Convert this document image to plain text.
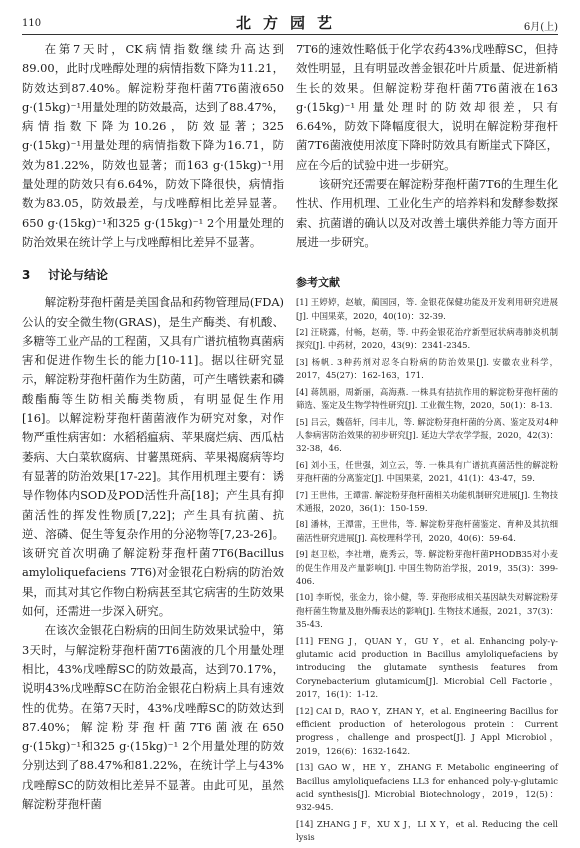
110	北方园艺	6月(上)

在第7天时，CK病情指数继续升高达到89.00，此时戊唑醇处理的病情指数下降为11.21，防效达到87.40%。解淀粉芽孢杆菌7T6菌液650 g·(15kg)⁻¹用量处理的防效最高，达到了88.47%，病情指数下降为10.26，防效显著；325 g·(15kg)⁻¹用量处理的病情指数下降为16.71，防效为81.22%，防效也显著；而163 g·(15kg)⁻¹用量处理的防效只有6.64%，防效下降很快，病情指数为83.05，防效最差，与戊唑醇相比差异显著。650 g·(15kg)⁻¹和325 g·(15kg)⁻¹ 2个用量处理的防治效果在统计学上与戊唑醇相比差异不显著。

3 讨论与结论

解淀粉芽孢杆菌是美国食品和药物管理局(FDA)公认的安全微生物(GRAS)，是生产酶类、有机酸、多糖等工业产品的工程菌，又具有广谱抗植物真菌病害和促进作物生长的能力[10-11]。据以往研究显示，解淀粉芽孢杆菌作为生防菌，可产生嗜铁素和磷酸酯酶等生防相关酶类物质，有明显促生作用[16]。以解淀粉芽孢杆菌菌液作为研究对象，对作物严重性病害如：水稻稻瘟病、苹果腐烂病、西瓜枯萎病、大白菜软腐病、甘薯黑斑病、苹果褐腐病等均有显著的防治效果[17-22]。其作用机理主要有：诱导作物体内SOD及POD活性升高[18]；产生具有抑菌活性的挥发性物质[7,22]；产生具有抗菌、抗逆、溶磷、促生等复杂作用的分泌物等[7,23-26]。该研究首次明确了解淀粉芽孢杆菌7T6(Bacillus amyloliquefaciens 7T6)对金银花白粉病的防治效果，而其对其它作物白粉病甚至其它病害的生防效果如何，还需进一步深入研究。

在该次金银花白粉病的田间生防效果试验中，第3天时，与解淀粉芽孢杆菌7T6菌液的几个用量处理相比，43%戊唑醇SC的防效最高，达到70.17%，说明43%戊唑醇SC在防治金银花白粉病上具有速效性的优势。在第7天时，43%戊唑醇SC的防效达到87.40%；解淀粉芽孢杆菌7T6菌液在650 g·(15kg)⁻¹和325 g·(15kg)⁻¹ 2个用量处理的防效分别达到了88.47%和81.22%，在统计学上与43%戊唑醇SC的防效相比差异不显著。由此可见，虽然解淀粉芽孢杆菌

7T6的速效性略低于化学农药43%戊唑醇SC，但持效性明显，且有明显改善金银花叶片质量、促进新梢生长的效果。但解淀粉芽孢杆菌7T6菌液在163 g·(15kg)⁻¹用量处理时的防效却很差，只有6.64%，防效下降幅度很大，说明在解淀粉芽孢杆菌7T6菌液使用浓度下降时防效具有断崖式下降区，应在今后的试验中进一步研究。

该研究还需要在解淀粉芽孢杆菌7T6的生理生化性状、作用机理、工业化生产的培养料和发酵参数探索、抗菌谱的确认以及对改善土壤供养能力等方面开展进一步研究。

参考文献

[1] 王婷婷，赵敏，蔺国园，等. 金银花保健功能及开发利用研究进展[J]. 中国果菜，2020，40(10)：32-39.

[2] 汪晓露，付畅，赵萌，等. 中药金银花治疗新型冠状病毒肺炎机制探究[J]. 中药材，2020，43(9)：2341-2345.

[3] 杨帆. 3种药剂对忍冬白粉病的防治效果[J]. 安徽农业科学，2017，45(27)：162-163，171.

[4] 蒋凯丽，周新丽，高海燕. 一株具有拮抗作用的解淀粉芽孢杆菌的筛选、鉴定及生物学特性研究[J]. 工业微生物，2020，50(1)：8-13.

[5] 吕云，魏蓓轩，闫丰儿，等. 解淀粉芽孢杆菌的分离、鉴定及对4种人参病害防治效果的初步研究[J]. 延边大学农学学报，2020，42(3)：32-38，46.

[6] 刘小玉，任世强，刘立云，等. 一株具有广谱抗真菌活性的解淀粉芽孢杆菌的分离鉴定[J]. 中国果菜，2021，41(1)：43-47，59.

[7] 王世伟，王谭雷. 解淀粉芽孢杆菌相关功能机制研究进展[J]. 生物技术通报，2020，36(1)：150-159.

[8] 潘林，王潭雷，王世伟，等. 解淀粉芽孢杆菌鉴定、育种及其抗细菌活性研究进展[J]. 高校理科学刊，2020，40(6)：59-64.

[9] 赵卫松，李社增，鹿秀云，等. 解淀粉芽孢杆菌PHODB35对小麦的促生作用及产量影响[J]. 中国生物防治学报，2019，35(3)：399-406.

[10] 李昕悦，张金力，徐小健，等. 芽孢形成相关基因缺失对解淀粉芽孢杆菌生物量及胞外酶表达的影响[J]. 生物技术通报，2021，37(3)：35-43.

[11] FENG J，QUAN Y，GU Y，et al. Enhancing poly-γ-glutamic acid production in Bacillus amyloliquefaciens by introducing the glutamate synthesis features from Corynebacterium glutamicum[J]. Microbial Cell Factorie，2017，16(1)：1-12.

[12] CAI D，RAO Y，ZHAN Y，et al. Engineering Bacillus for efficient production of heterologous protein：Current progress，challenge and prospect[J]. J Appl Microbiol，2019，126(6)：1632-1642.

[13] GAO W，HE Y，ZHANG F. Metabolic engineering of Bacillus amyloliquefaciens LL3 for enhanced poly-γ-glutamic acid synthesis[J]. Microbial Biotechnology，2019，12(5)：932-945.

[14] ZHANG J F，XU X J，LI X Y，et al. Reducing the cell lysis
